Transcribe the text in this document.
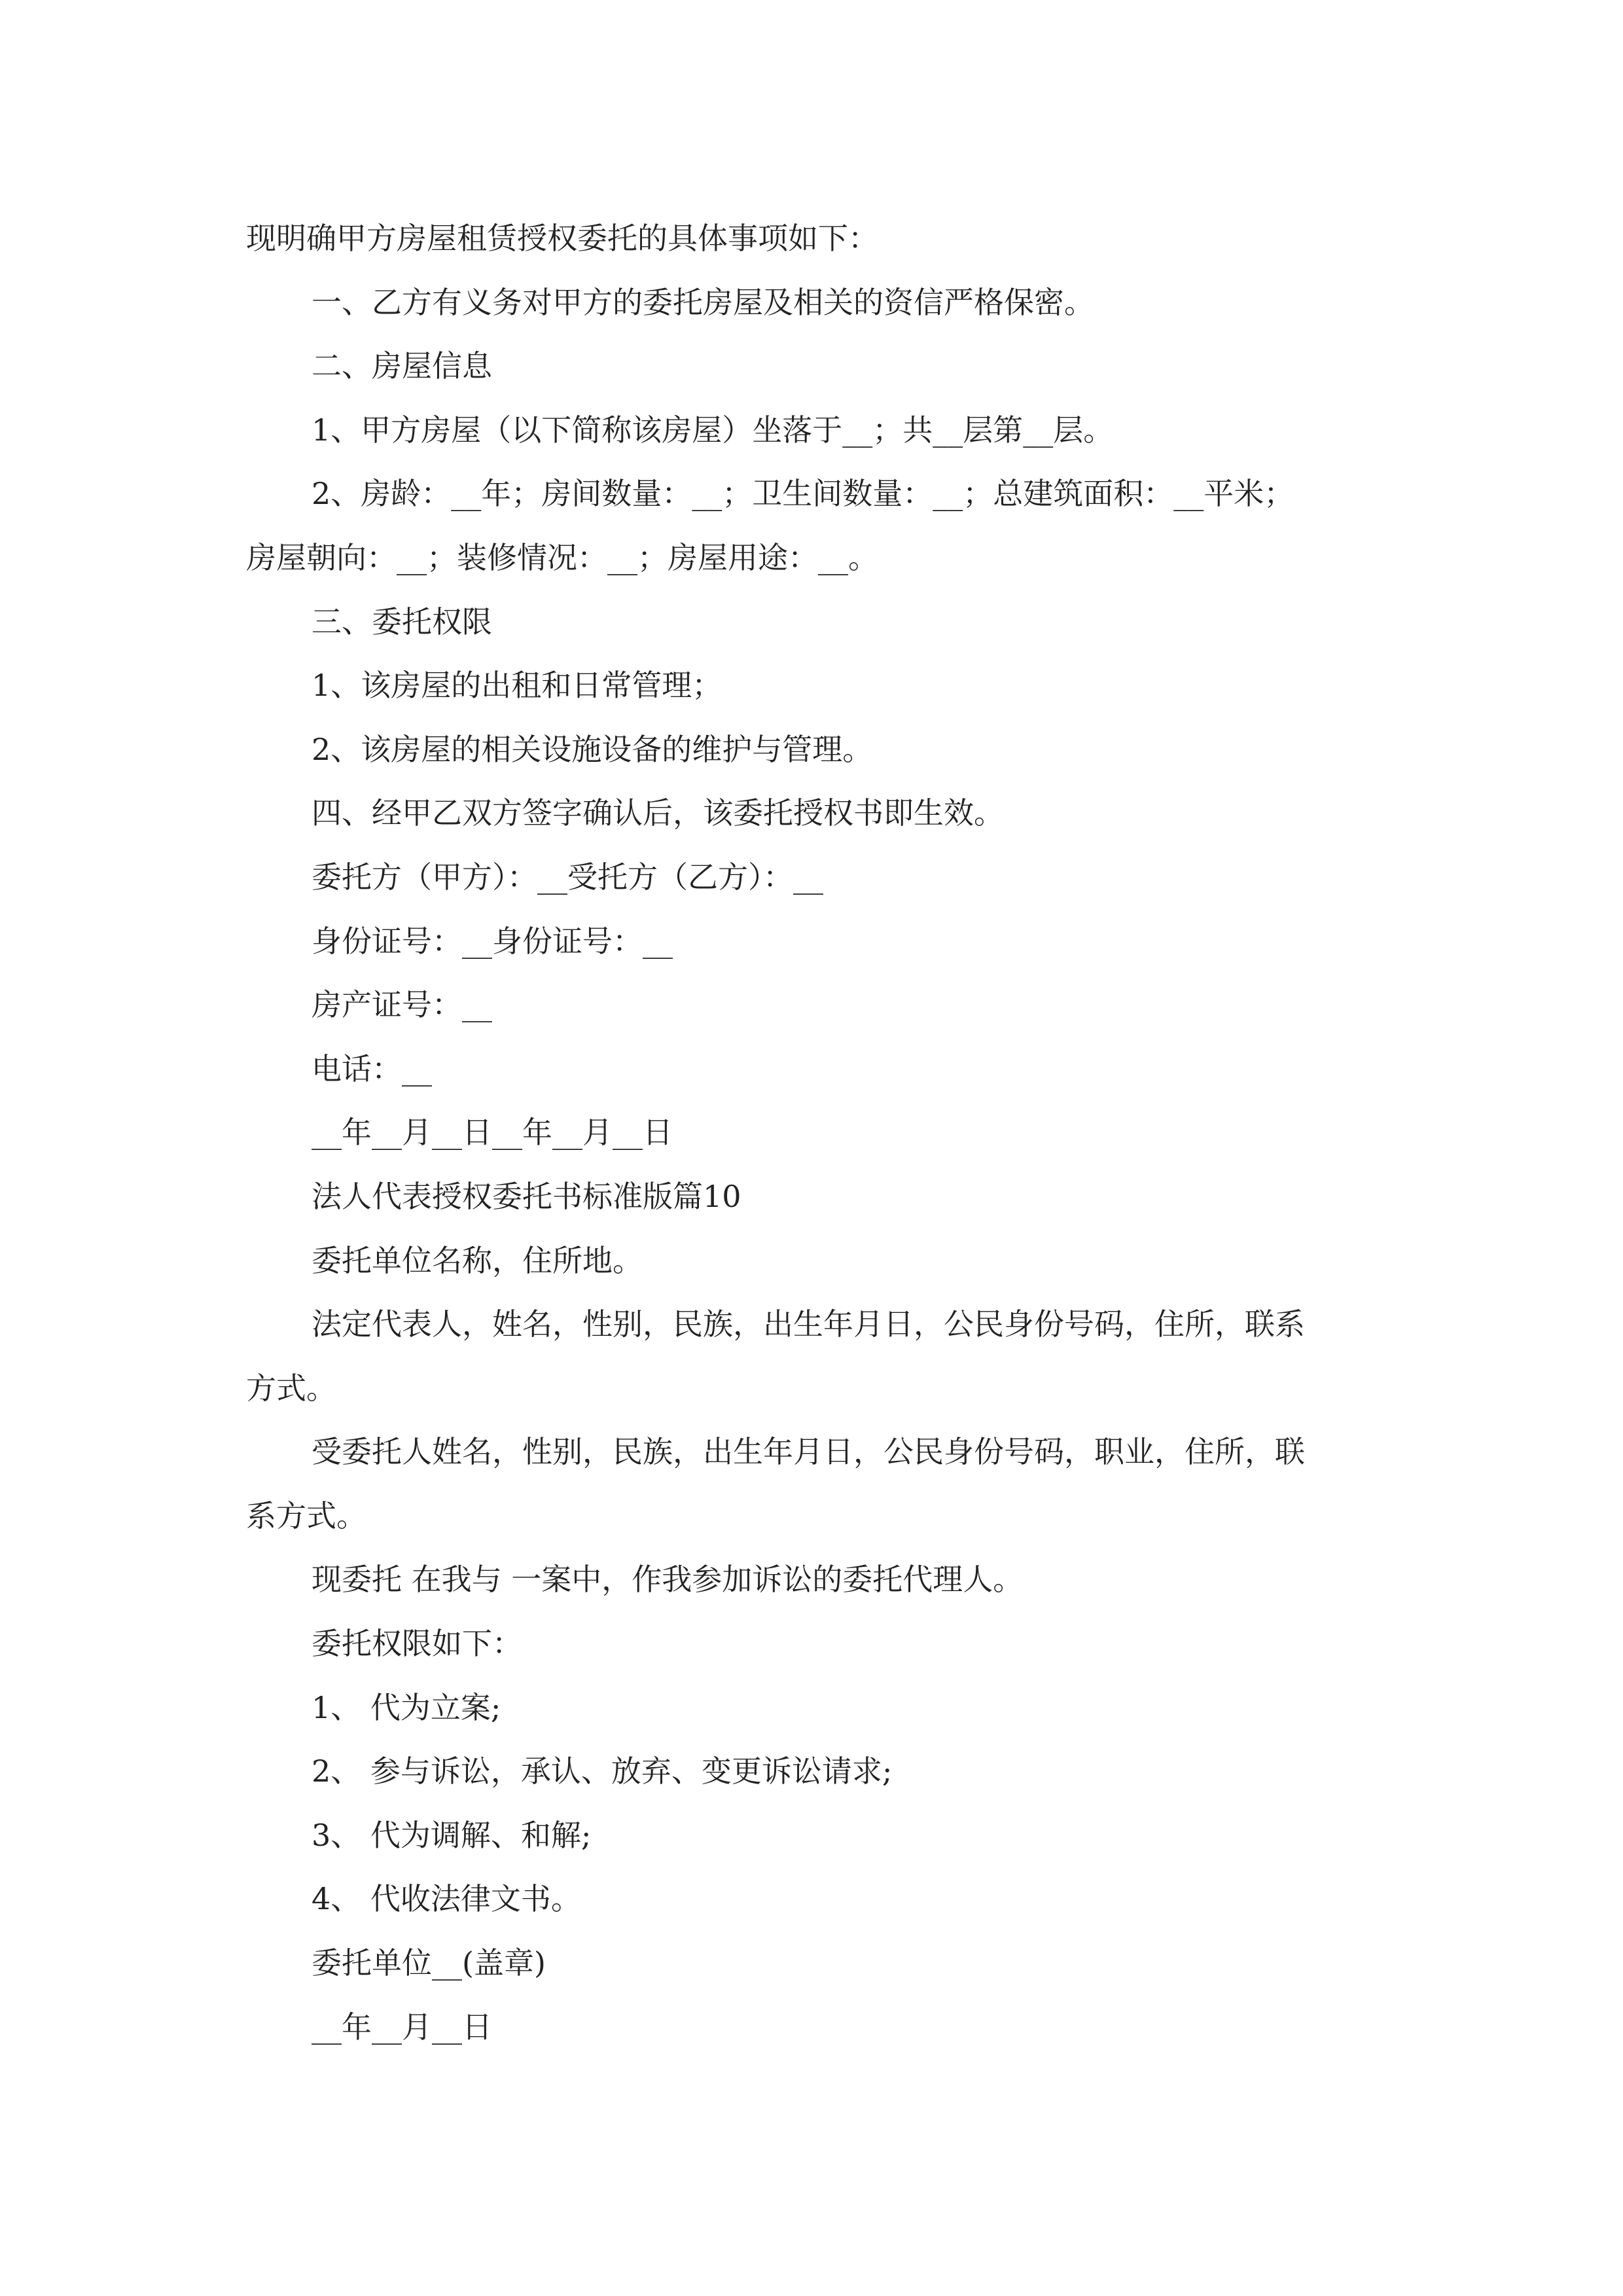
现明确甲方房屋租赁授权委托的具体事项如下：
一、乙方有义务对甲方的委托房屋及相关的资信严格保密。
二、房屋信息
1、甲方房屋（以下简称该房屋）坐落于__；共__层第__层。
2、房龄：__年；房间数量：__；卫生间数量：__；总建筑面积：__平米；
房屋朝向：__；装修情况：__；房屋用途：__。
三、委托权限
1、该房屋的出租和日常管理；
2、该房屋的相关设施设备的维护与管理。
四、经甲乙双方签字确认后，该委托授权书即生效。
委托方（甲方）：__受托方（乙方）：__
身份证号：__身份证号：__
房产证号：__
电话：__
__年__月__日__年__月__日
法人代表授权委托书标准版篇10
委托单位名称，住所地。
法定代表人，姓名，性别，民族，出生年月日，公民身份号码，住所，联系
方式。
受委托人姓名，性别，民族，出生年月日，公民身份号码，职业，住所，联
系方式。
现委托 在我与 一案中，作我参加诉讼的委托代理人。
委托权限如下：
1、 代为立案;
2、 参与诉讼，承认、放弃、变更诉讼请求;
3、 代为调解、和解;
4、 代收法律文书。
委托单位__(盖章)
__年__月__日
